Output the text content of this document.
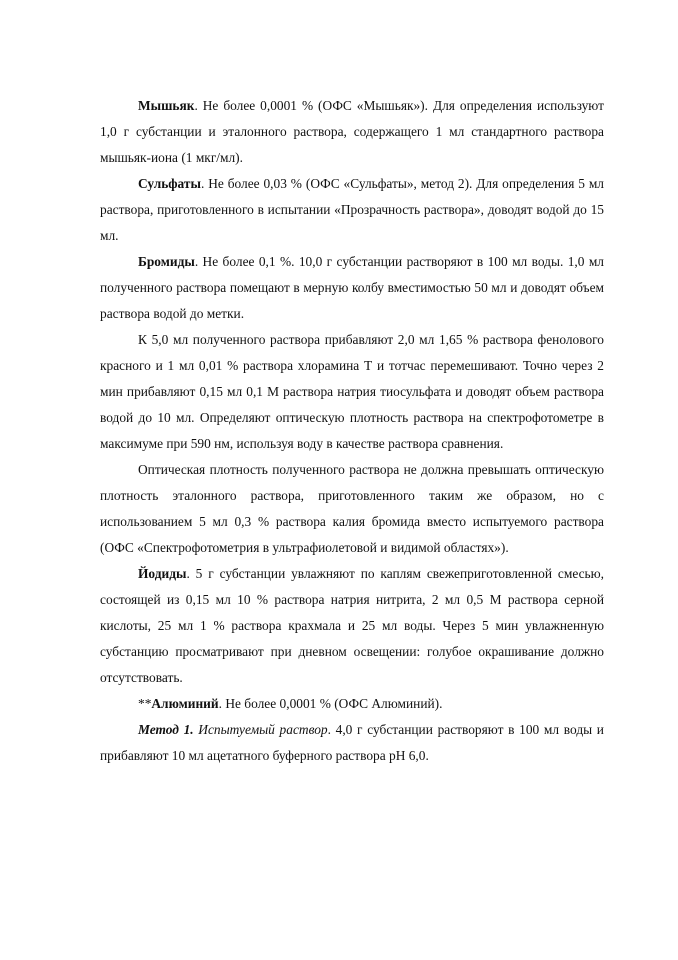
Мышьяк. Не более 0,0001 % (ОФС «Мышьяк»). Для определения используют 1,0 г субстанции и эталонного раствора, содержащего 1 мл стандартного раствора мышьяк-иона (1 мкг/мл).

Сульфаты. Не более 0,03 % (ОФС «Сульфаты», метод 2). Для определения 5 мл раствора, приготовленного в испытании «Прозрачность раствора», доводят водой до 15 мл.

Бромиды. Не более 0,1 %. 10,0 г субстанции растворяют в 100 мл воды. 1,0 мл полученного раствора помещают в мерную колбу вместимостью 50 мл и доводят объем раствора водой до метки.

К 5,0 мл полученного раствора прибавляют 2,0 мл 1,65 % раствора фенолового красного и 1 мл 0,01 % раствора хлорамина Т и тотчас перемешивают. Точно через 2 мин прибавляют 0,15 мл 0,1 М раствора натрия тиосульфата и доводят объем раствора водой до 10 мл. Определяют оптическую плотность раствора на спектрофотометре в максимуме при 590 нм, используя воду в качестве раствора сравнения.

Оптическая плотность полученного раствора не должна превышать оптическую плотность эталонного раствора, приготовленного таким же образом, но с использованием 5 мл 0,3 % раствора калия бромида вместо испытуемого раствора (ОФС «Спектрофотометрия в ультрафиолетовой и видимой областях»).

Йодиды. 5 г субстанции увлажняют по каплям свежеприготовленной смесью, состоящей из 0,15 мл 10 % раствора натрия нитрита, 2 мл 0,5 М раствора серной кислоты, 25 мл 1 % раствора крахмала и 25 мл воды. Через 5 мин увлажненную субстанцию просматривают при дневном освещении: голубое окрашивание должно отсутствовать.

**Алюминий. Не более 0,0001 % (ОФС Алюминий).

Метод 1. Испытуемый раствор. 4,0 г субстанции растворяют в 100 мл воды и прибавляют 10 мл ацетатного буферного раствора рН 6,0.
